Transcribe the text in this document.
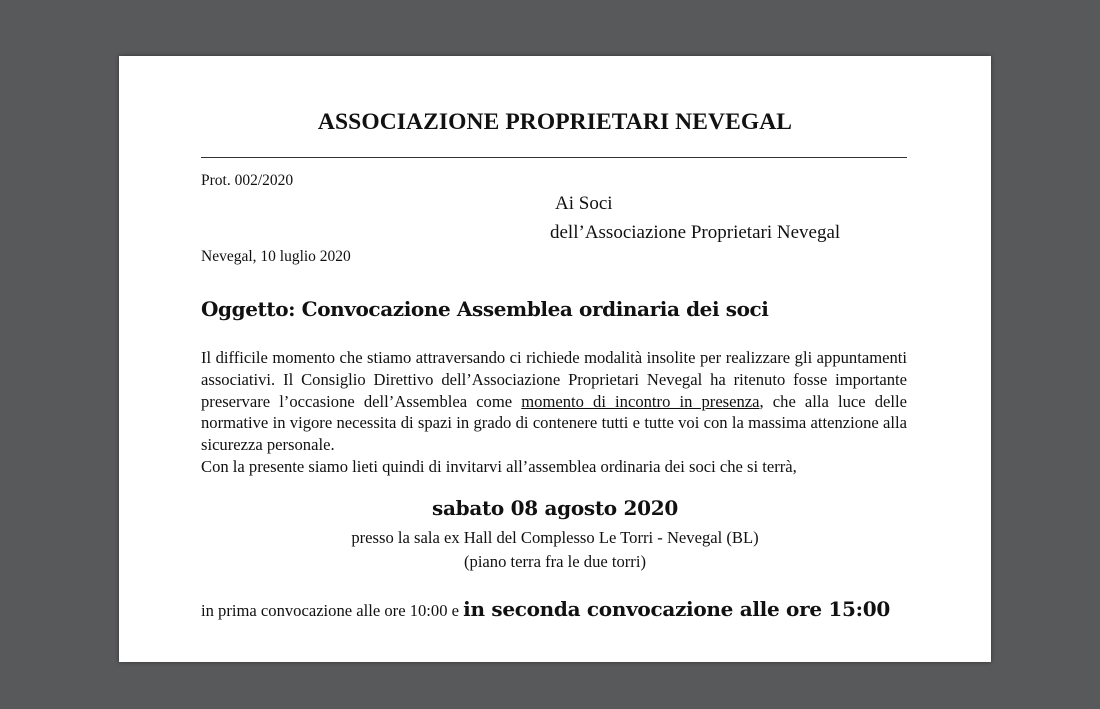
ASSOCIAZIONE PROPRIETARI NEVEGAL
Prot. 002/2020
Ai Soci
dell’Associazione Proprietari Nevegal
Nevegal, 10 luglio 2020
Oggetto: Convocazione Assemblea ordinaria dei soci

Il difficile momento che stiamo attraversando ci richiede modalità insolite per realizzare gli appuntamenti associativi. Il Consiglio Direttivo dell’Associazione Proprietari Nevegal ha ritenuto fosse importante preservare l’occasione dell’Assemblea come momento di incontro in presenza, che alla luce delle normative in vigore necessita di spazi in grado di contenere tutti e tutte voi con la massima attenzione alla sicurezza personale.

Con la presente siamo lieti quindi di invitarvi all’assemblea ordinaria dei soci che si terrà,

sabato 08 agosto 2020
presso la sala ex Hall del Complesso Le Torri - Nevegal (BL)
(piano terra fra le due torri)
in prima convocazione alle ore 10:00 e in seconda convocazione alle ore 15:00
